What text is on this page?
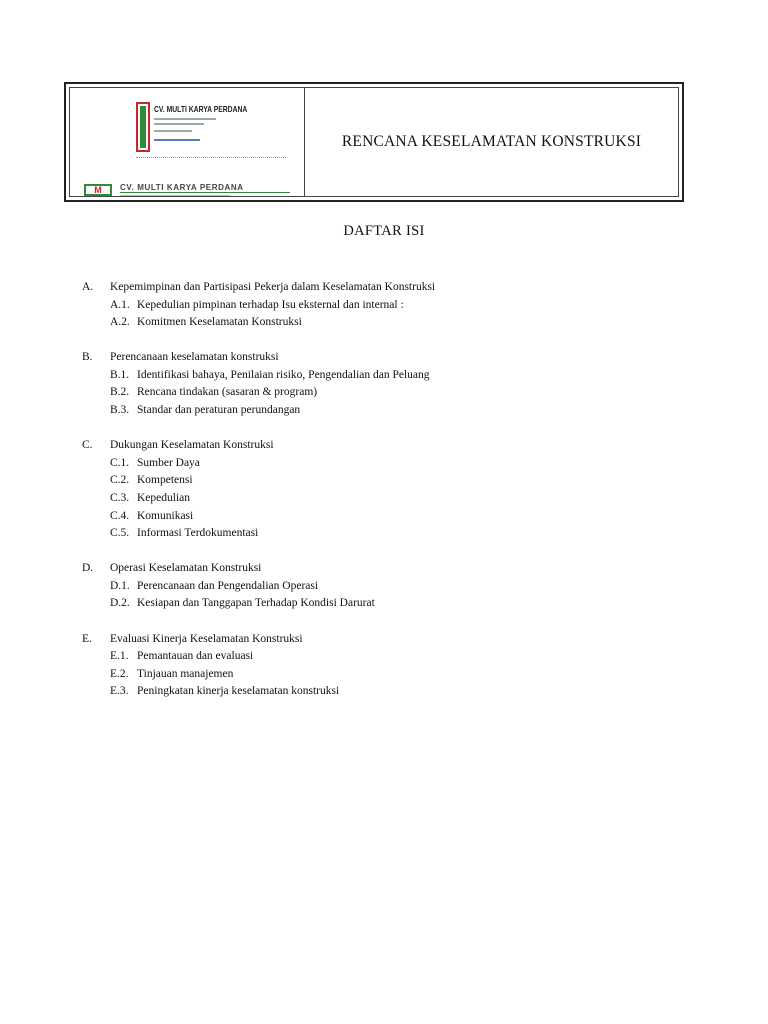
CV. MULTI KARYA PERDANA
M	CV. MULTI KARYA PERDANA
RENCANA KESELAMATAN KONSTRUKSI
DAFTAR ISI
A. Kepemimpinan dan Partisipasi Pekerja dalam Keselamatan Konstruksi
A.1. Kepedulian pimpinan terhadap Isu eksternal dan internal :
A.2. Komitmen Keselamatan Konstruksi
B. Perencanaan keselamatan konstruksi
B.1. Identifikasi bahaya, Penilaian risiko, Pengendalian dan Peluang
B.2. Rencana tindakan (sasaran & program)
B.3. Standar dan peraturan perundangan
C. Dukungan Keselamatan Konstruksi
C.1. Sumber Daya
C.2. Kompetensi
C.3. Kepedulian
C.4. Komunikasi
C.5. Informasi Terdokumentasi
D. Operasi Keselamatan Konstruksi
D.1. Perencanaan dan Pengendalian Operasi
D.2. Kesiapan dan Tanggapan Terhadap Kondisi Darurat
E. Evaluasi Kinerja Keselamatan Konstruksi
E.1. Pemantauan dan evaluasi
E.2. Tinjauan manajemen
E.3. Peningkatan kinerja keselamatan konstruksi
